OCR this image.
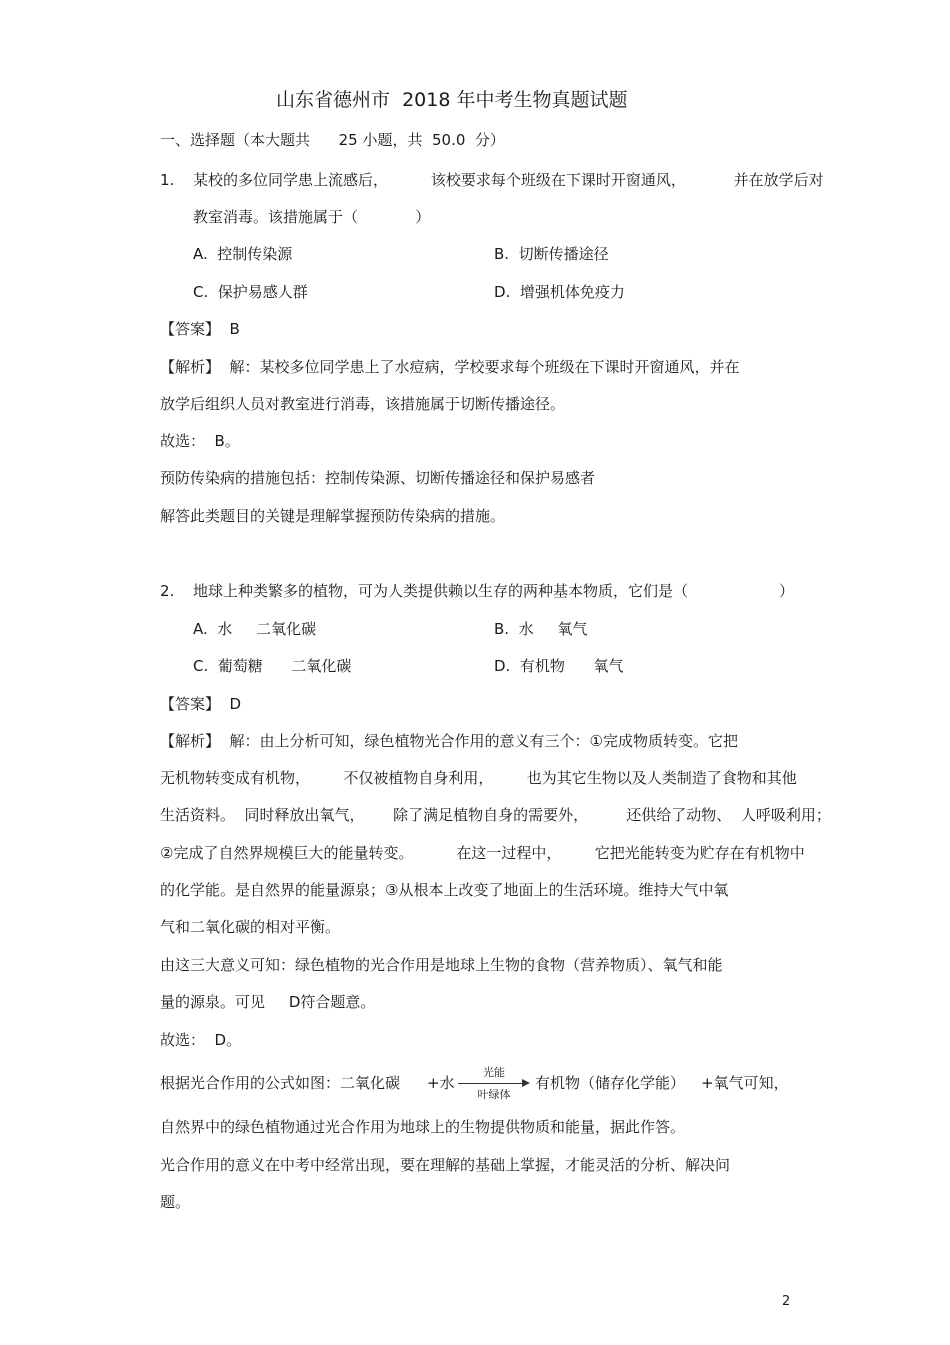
山东省德州市  2018 年中考生物真题试题
一、选择题（本大题共      25 小题，共  50.0  分）
1. 某校的多位同学患上流感后，         该校要求每个班级在下课时开窗通风，          并在放学后对
教室消毒。该措施属于（            ）
A.  控制传染源	B.  切断传播途径
C.  保护易感人群	D.  增强机体免疫力
【答案】  B
【解析】  解：某校多位同学患上了水痘病，学校要求每个班级在下课时开窗通风，并在
放学后组织人员对教室进行消毒，该措施属于切断传播途径。
故选：  B。
预防传染病的措施包括：控制传染源、切断传播途径和保护易感者
解答此类题目的关键是理解掌握预防传染病的措施。
2. 地球上种类繁多的植物，可为人类提供赖以生存的两种基本物质，它们是（	）
A.  水     二氧化碳	B.  水     氧气
C.  葡萄糖      二氧化碳	D.  有机物      氧气
【答案】  D
【解析】  解：由上分析可知，绿色植物光合作用的意义有三个：①完成物质转变。它把
无机物转变成有机物，       不仅被植物自身利用，       也为其它生物以及人类制造了食物和其他
生活资料。  同时释放出氧气，      除了满足植物自身的需要外，        还供给了动物、  人呼吸利用；
②完成了自然界规模巨大的能量转变。         在这一过程中，       它把光能转变为贮存在有机物中
的化学能。是自然界的能量源泉；③从根本上改变了地面上的生活环境。维持大气中氧
气和二氧化碳的相对平衡。
由这三大意义可知：绿色植物的光合作用是地球上生物的食物（营养物质）、氧气和能
量的源泉。可见     D符合题意。
故选：  D。
根据光合作用的公式如图：二氧化碳 +水
光能
叶绿体
有机物（储存化学能） +氧气可知，
自然界中的绿色植物通过光合作用为地球上的生物提供物质和能量，据此作答。
光合作用的意义在中考中经常出现，要在理解的基础上掌握，才能灵活的分析、解决问
题。
2
